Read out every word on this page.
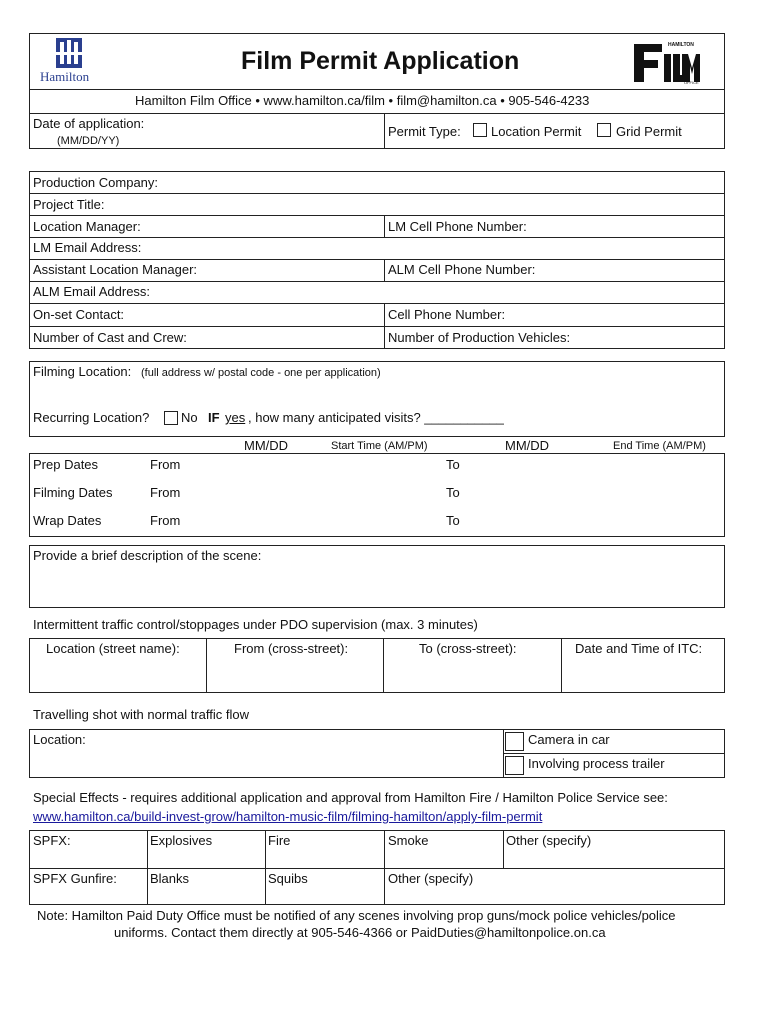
Hamilton
Film Permit Application
HAMILTON
OFFICE
Hamilton Film Office • www.hamilton.ca/film • film@hamilton.ca • 905-546-4233
Date of application:
(MM/DD/YY)
Permit Type: Location Permit	Grid Permit
Production Company:
Project Title:
Location Manager:	LM Cell Phone Number:
LM Email Address:
Assistant Location Manager:	ALM Cell Phone Number:
ALM Email Address:
On-set Contact:	Cell Phone Number:
Number of Cast and Crew:	Number of Production Vehicles:
Filming Location: (full address w/ postal code - one per application)
Recurring Location? No IF yes , how many anticipated visits? ___________
MM/DD	Start Time (AM/PM)	MM/DD	End Time (AM/PM)
Prep Dates	From	To
Filming Dates	From	To
Wrap Dates	From	To
Provide a brief description of the scene:
Intermittent traffic control/stoppages under PDO supervision (max. 3 minutes)
Location (street name):	From (cross-street):	To (cross-street):	Date and Time of ITC:
Travelling shot with normal traffic flow
Location:	Camera in car
Involving process trailer
Special Effects - requires additional application and approval from Hamilton Fire / Hamilton Police Service see:
www.hamilton.ca/build-invest-grow/hamilton-music-film/filming-hamilton/apply-film-permit
SPFX:	Explosives	Fire	Smoke	Other (specify)
SPFX Gunfire:	Blanks	Squibs	Other (specify)
Note: Hamilton Paid Duty Office must be notified of any scenes involving prop guns/mock police vehicles/police
uniforms. Contact them directly at 905-546-4366 or PaidDuties@hamiltonpolice.on.ca
